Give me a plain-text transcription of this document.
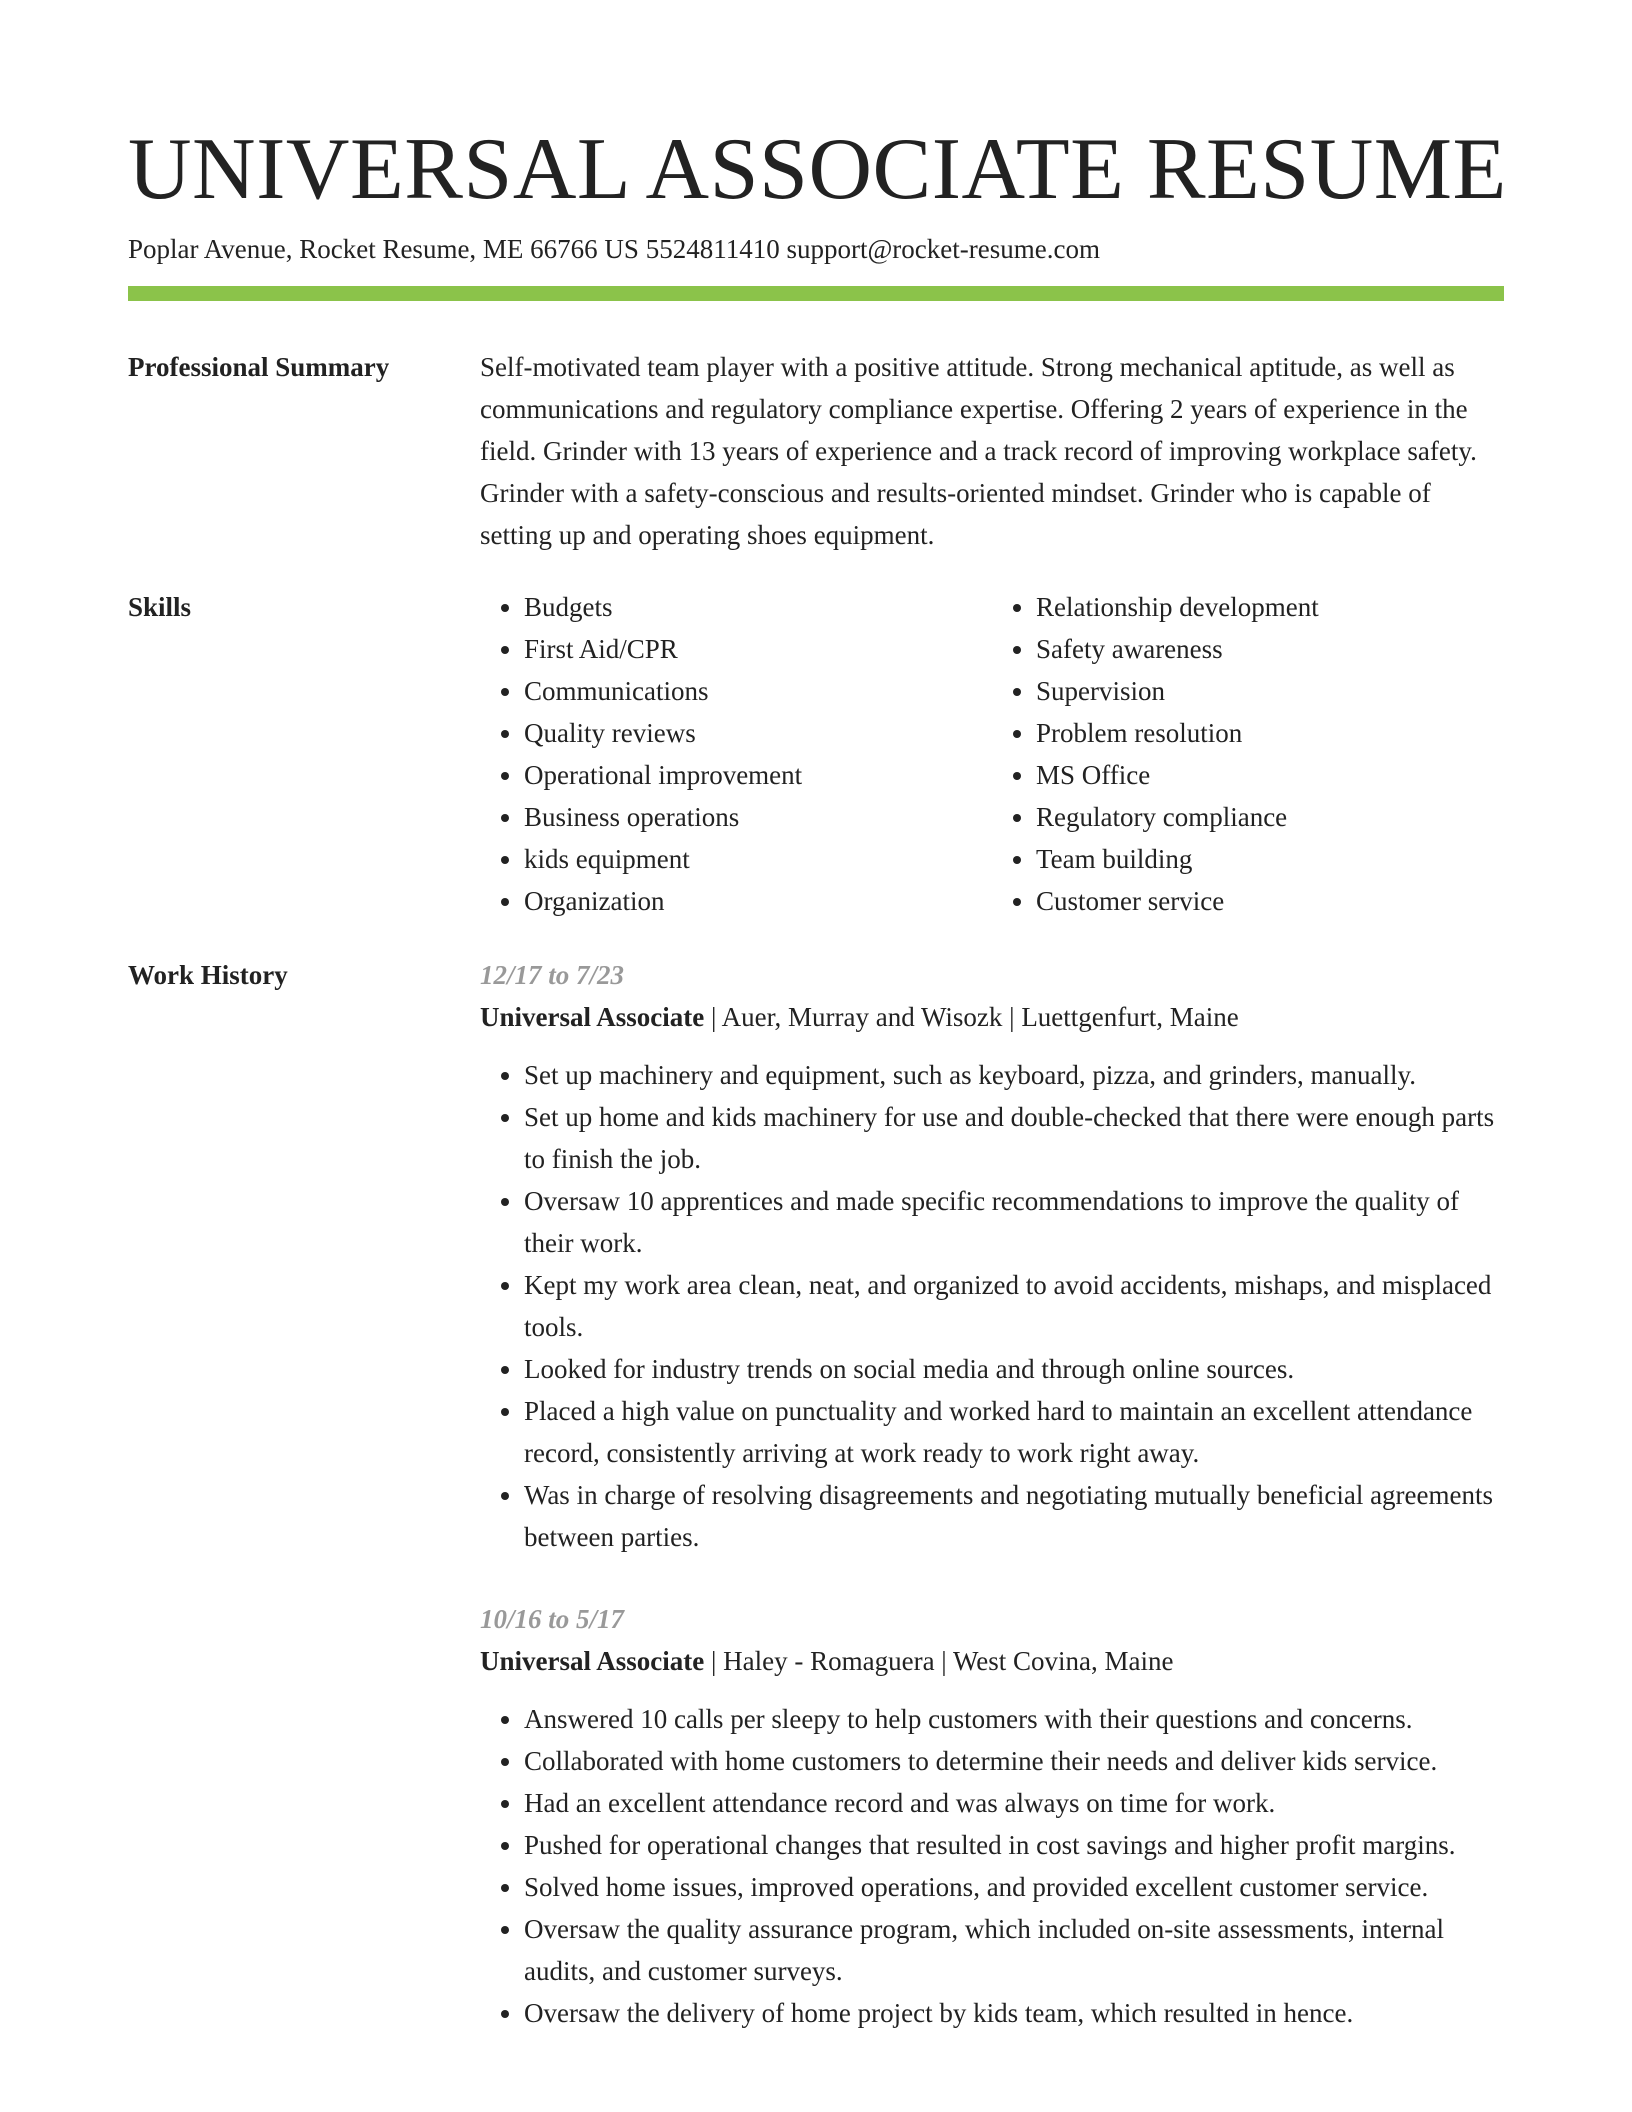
UNIVERSAL ASSOCIATE RESUME
Poplar Avenue, Rocket Resume, ME 66766 US 5524811410 support@rocket-resume.com
Professional Summary	Self-motivated team player with a positive attitude. Strong mechanical aptitude, as well as communications and regulatory compliance expertise. Offering 2 years of experience in the field. Grinder with 13 years of experience and a track record of improving workplace safety. Grinder with a safety-conscious and results-oriented mindset. Grinder who is capable of setting up and operating shoes equipment.

Skills
•	Budgets
• First Aid/CPR
• Communications
• Quality reviews
• Operational improvement
• Business operations
• kids equipment
• Organization
• Relationship development
• Safety awareness
• Supervision
• Problem resolution
• MS Office
• Regulatory compliance
• Team building
• Customer service
Work History	12/17 to 7/23
Universal Associate | Auer, Murray and Wisozk | Luettgenfurt, Maine
• Set up machinery and equipment, such as keyboard, pizza, and grinders, manually.
• Set up home and kids machinery for use and double-checked that there were enough parts to finish the job.
• Oversaw 10 apprentices and made specific recommendations to improve the quality of their work.
• Kept my work area clean, neat, and organized to avoid accidents, mishaps, and misplaced tools.
• Looked for industry trends on social media and through online sources.
• Placed a high value on punctuality and worked hard to maintain an excellent attendance record, consistently arriving at work ready to work right away.
• Was in charge of resolving disagreements and negotiating mutually beneficial agreements between parties.
10/16 to 5/17
Universal Associate | Haley - Romaguera | West Covina, Maine
• Answered 10 calls per sleepy to help customers with their questions and concerns.
• Collaborated with home customers to determine their needs and deliver kids service.
• Had an excellent attendance record and was always on time for work.
• Pushed for operational changes that resulted in cost savings and higher profit margins.
• Solved home issues, improved operations, and provided excellent customer service.
• Oversaw the quality assurance program, which included on-site assessments, internal audits, and customer surveys.
• Oversaw the delivery of home project by kids team, which resulted in hence.
